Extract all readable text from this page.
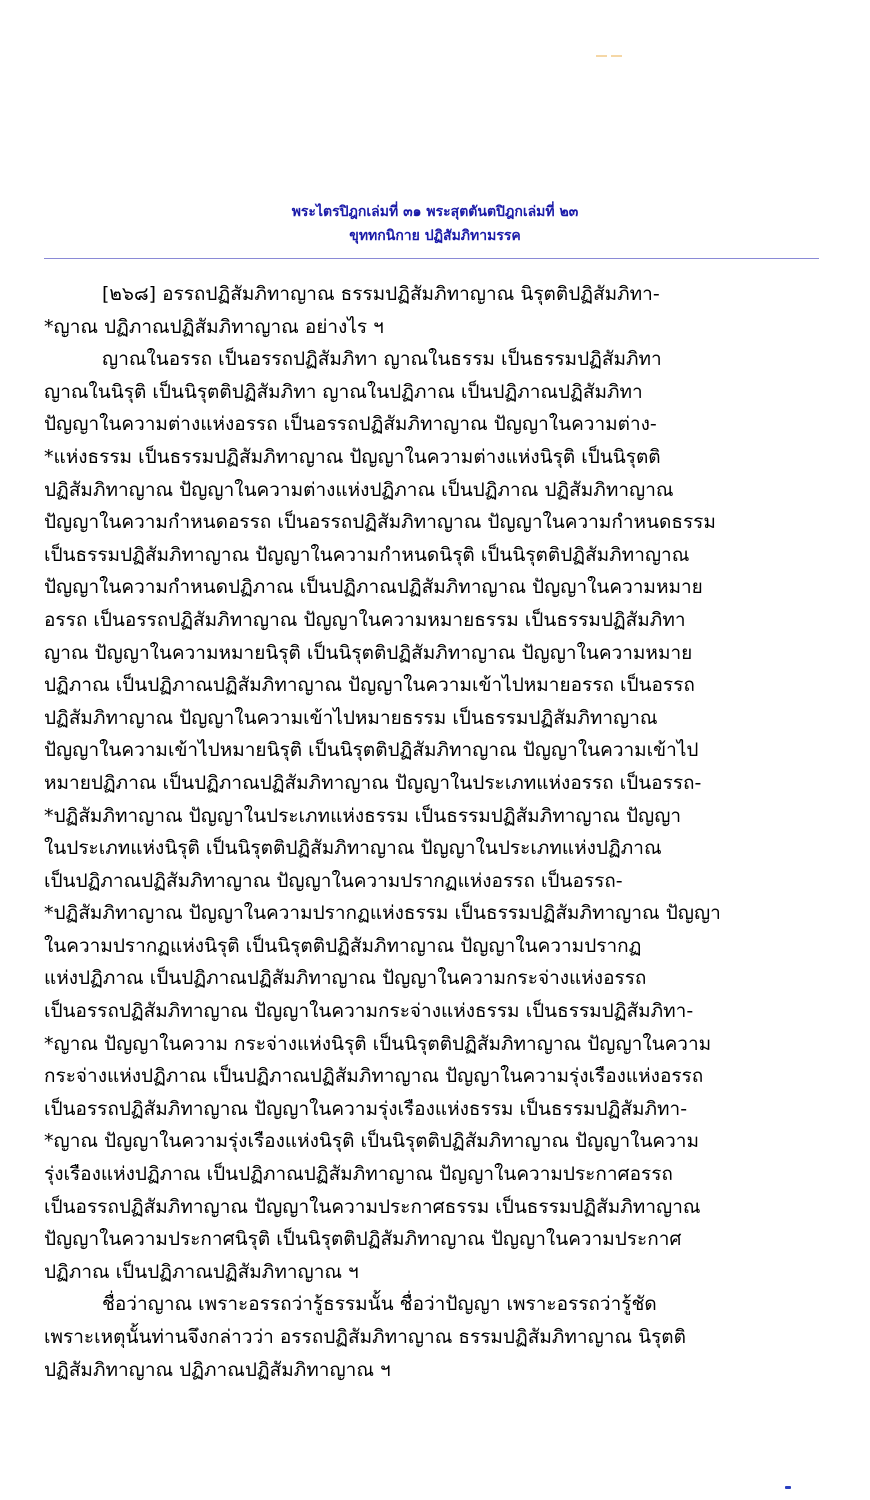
พระไตรปิฎกเล่มที่ ๓๑ พระสุตตันตปิฎกเล่มที่ ๒๓
ขุททกนิกาย ปฏิสัมภิทามรรค
[๒๖๘] อรรถปฏิสัมภิทาญาณ ธรรมปฏิสัมภิทาญาณ นิรุตติปฏิสัมภิทา-
*ญาณ ปฏิภาณปฏิสัมภิทาญาณ อย่างไร ฯ
ญาณในอรรถ เป็นอรรถปฏิสัมภิทา ญาณในธรรม เป็นธรรมปฏิสัมภิทา
ญาณในนิรุติ เป็นนิรุตติปฏิสัมภิทา ญาณในปฏิภาณ เป็นปฏิภาณปฏิสัมภิทา
ปัญญาในความต่างแห่งอรรถ เป็นอรรถปฏิสัมภิทาญาณ ปัญญาในความต่าง-
*แห่งธรรม เป็นธรรมปฏิสัมภิทาญาณ ปัญญาในความต่างแห่งนิรุติ เป็นนิรุตติ
ปฏิสัมภิทาญาณ ปัญญาในความต่างแห่งปฏิภาณ เป็นปฏิภาณ ปฏิสัมภิทาญาณ
ปัญญาในความกำหนดอรรถ เป็นอรรถปฏิสัมภิทาญาณ ปัญญาในความกำหนดธรรม
เป็นธรรมปฏิสัมภิทาญาณ ปัญญาในความกำหนดนิรุติ เป็นนิรุตติปฏิสัมภิทาญาณ
ปัญญาในความกำหนดปฏิภาณ เป็นปฏิภาณปฏิสัมภิทาญาณ ปัญญาในความหมาย
อรรถ เป็นอรรถปฏิสัมภิทาญาณ ปัญญาในความหมายธรรม เป็นธรรมปฏิสัมภิทา
ญาณ ปัญญาในความหมายนิรุติ เป็นนิรุตติปฏิสัมภิทาญาณ ปัญญาในความหมาย
ปฏิภาณ เป็นปฏิภาณปฏิสัมภิทาญาณ ปัญญาในความเข้าไปหมายอรรถ เป็นอรรถ
ปฏิสัมภิทาญาณ ปัญญาในความเข้าไปหมายธรรม เป็นธรรมปฏิสัมภิทาญาณ
ปัญญาในความเข้าไปหมายนิรุติ เป็นนิรุตติปฏิสัมภิทาญาณ ปัญญาในความเข้าไป
หมายปฏิภาณ เป็นปฏิภาณปฏิสัมภิทาญาณ ปัญญาในประเภทแห่งอรรถ เป็นอรรถ-
*ปฏิสัมภิทาญาณ ปัญญาในประเภทแห่งธรรม เป็นธรรมปฏิสัมภิทาญาณ ปัญญา
ในประเภทแห่งนิรุติ เป็นนิรุตติปฏิสัมภิทาญาณ ปัญญาในประเภทแห่งปฏิภาณ
เป็นปฏิภาณปฏิสัมภิทาญาณ ปัญญาในความปรากฏแห่งอรรถ เป็นอรรถ-
*ปฏิสัมภิทาญาณ ปัญญาในความปรากฏแห่งธรรม เป็นธรรมปฏิสัมภิทาญาณ ปัญญา
ในความปรากฏแห่งนิรุติ เป็นนิรุตติปฏิสัมภิทาญาณ ปัญญาในความปรากฏ
แห่งปฏิภาณ เป็นปฏิภาณปฏิสัมภิทาญาณ ปัญญาในความกระจ่างแห่งอรรถ
เป็นอรรถปฏิสัมภิทาญาณ ปัญญาในความกระจ่างแห่งธรรม เป็นธรรมปฏิสัมภิทา-
*ญาณ ปัญญาในความ กระจ่างแห่งนิรุติ เป็นนิรุตติปฏิสัมภิทาญาณ ปัญญาในความ
กระจ่างแห่งปฏิภาณ เป็นปฏิภาณปฏิสัมภิทาญาณ ปัญญาในความรุ่งเรืองแห่งอรรถ
เป็นอรรถปฏิสัมภิทาญาณ ปัญญาในความรุ่งเรืองแห่งธรรม เป็นธรรมปฏิสัมภิทา-
*ญาณ ปัญญาในความรุ่งเรืองแห่งนิรุติ เป็นนิรุตติปฏิสัมภิทาญาณ ปัญญาในความ
รุ่งเรืองแห่งปฏิภาณ เป็นปฏิภาณปฏิสัมภิทาญาณ ปัญญาในความประกาศอรรถ
เป็นอรรถปฏิสัมภิทาญาณ ปัญญาในความประกาศธรรม เป็นธรรมปฏิสัมภิทาญาณ
ปัญญาในความประกาศนิรุติ เป็นนิรุตติปฏิสัมภิทาญาณ ปัญญาในความประกาศ
ปฏิภาณ เป็นปฏิภาณปฏิสัมภิทาญาณ ฯ
ชื่อว่าญาณ เพราะอรรถว่ารู้ธรรมนั้น ชื่อว่าปัญญา เพราะอรรถว่ารู้ชัด
เพราะเหตุนั้นท่านจึงกล่าวว่า อรรถปฏิสัมภิทาญาณ ธรรมปฏิสัมภิทาญาณ นิรุตติ
ปฏิสัมภิทาญาณ ปฏิภาณปฏิสัมภิทาญาณ ฯ
